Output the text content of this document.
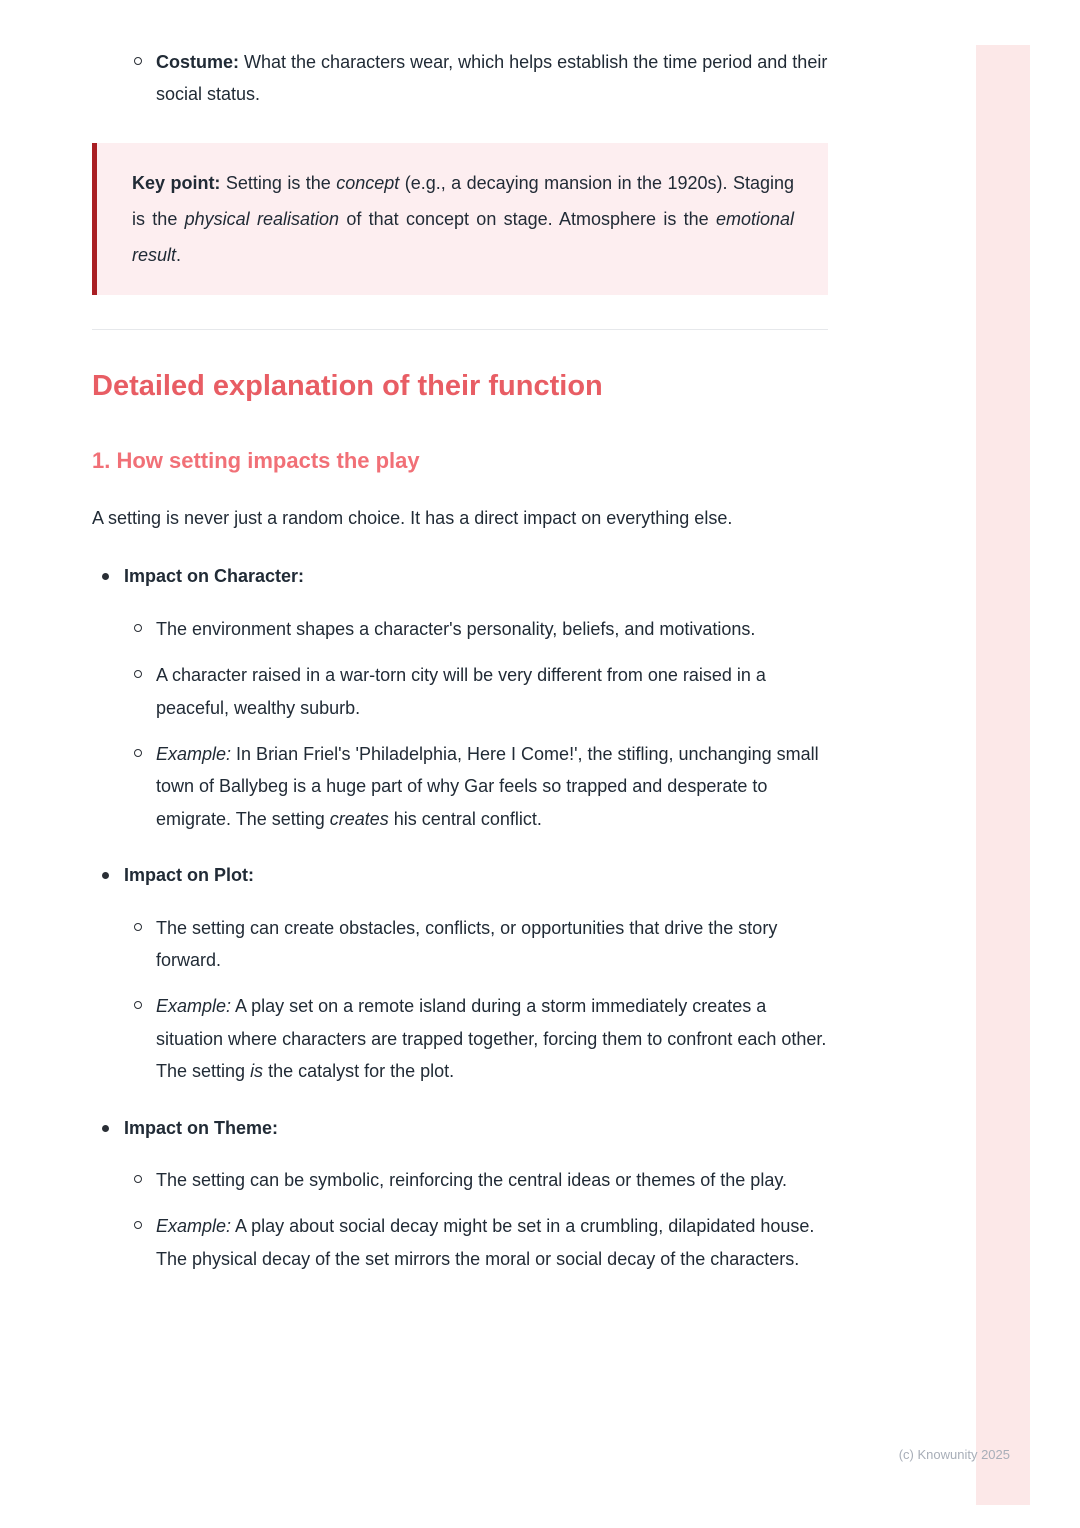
Costume: What the characters wear, which helps establish the time period and their social status.

Key point: Setting is the concept (e.g., a decaying mansion in the 1920s). Staging is the physical realisation of that concept on stage. Atmosphere is the emotional result.

Detailed explanation of their function
1. How setting impacts the play

A setting is never just a random choice. It has a direct impact on everything else.

Impact on Character:
The environment shapes a character's personality, beliefs, and motivations.
A character raised in a war-torn city will be very different from one raised in a peaceful, wealthy suburb.
Example: In Brian Friel's 'Philadelphia, Here I Come!', the stifling, unchanging small town of Ballybeg is a huge part of why Gar feels so trapped and desperate to emigrate. The setting creates his central conflict.
Impact on Plot:
The setting can create obstacles, conflicts, or opportunities that drive the story forward.
Example: A play set on a remote island during a storm immediately creates a situation where characters are trapped together, forcing them to confront each other. The setting is the catalyst for the plot.
Impact on Theme:
The setting can be symbolic, reinforcing the central ideas or themes of the play.
Example: A play about social decay might be set in a crumbling, dilapidated house. The physical decay of the set mirrors the moral or social decay of the characters.
(c) Knowunity 2025
